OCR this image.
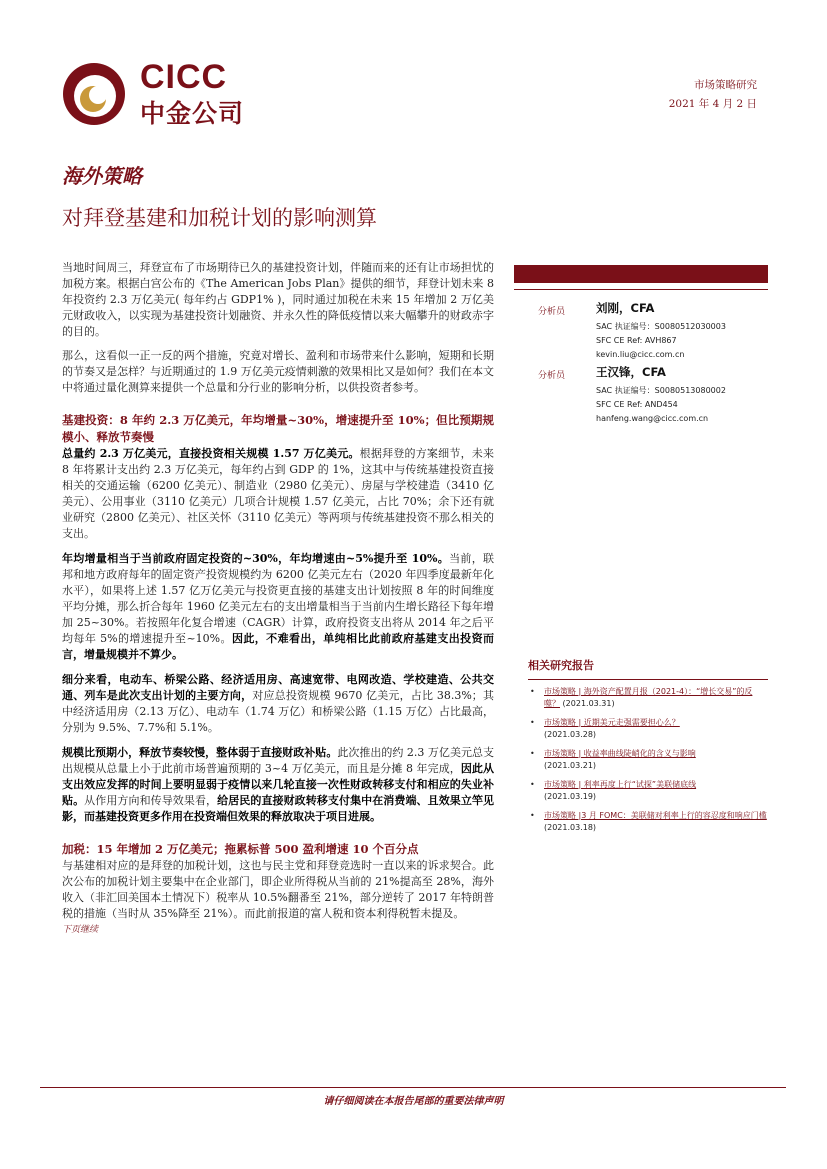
CICC
中金公司
市场策略研究
2021 年 4 月 2 日
海外策略
对拜登基建和加税计划的影响测算

当地时间周三，拜登宣布了市场期待已久的基建投资计划，伴随而来的还有让市场担忧的加税方案。根据白宫公布的《The American Jobs Plan》提供的细节，拜登计划未来 8 年投资约 2.3 万亿美元( 每年约占 GDP1% )，同时通过加税在未来 15 年增加 2 万亿美元财政收入，以实现为基建投资计划融资、并永久性的降低疫情以来大幅攀升的财政赤字的目的。

那么，这看似一正一反的两个措施，究竟对增长、盈利和市场带来什么影响，短期和长期的节奏又是怎样？与近期通过的 1.9 万亿美元疫情刺激的效果相比又是如何？我们在本文中将通过量化测算来提供一个总量和分行业的影响分析，以供投资者参考。

基建投资：8 年约 2.3 万亿美元，年均增量~30%，增速提升至 10%；但比预期规模小、释放节奏慢

总量约 2.3 万亿美元，直接投资相关规模 1.57 万亿美元。根据拜登的方案细节，未来 8 年将累计支出约 2.3 万亿美元，每年约占到 GDP 的 1%，这其中与传统基建投资直接相关的交通运输（6200 亿美元）、制造业（2980 亿美元）、房屋与学校建造（3410 亿美元）、公用事业（3110 亿美元）几项合计规模 1.57 亿美元，占比 70%；余下还有就业研究（2800 亿美元）、社区关怀（3110 亿美元）等两项与传统基建投资不那么相关的支出。

年均增量相当于当前政府固定投资的~30%，年均增速由~5%提升至 10%。当前，联邦和地方政府每年的固定资产投资规模约为 6200 亿美元左右（2020 年四季度最新年化水平），如果将上述 1.57 亿万亿美元与投资更直接的基建支出计划按照 8 年的时间维度平均分摊，那么折合每年 1960 亿美元左右的支出增量相当于当前内生增长路径下每年增加 25~30%。若按照年化复合增速（CAGR）计算，政府投资支出将从 2014 年之后平均每年 5%的增速提升至~10%。因此，不难看出，单纯相比此前政府基建支出投资而言，增量规模并不算少。

细分来看，电动车、桥梁公路、经济适用房、高速宽带、电网改造、学校建造、公共交通、列车是此次支出计划的主要方向，对应总投资规模 9670 亿美元，占比 38.3%；其中经济适用房（2.13 万亿）、电动车（1.74 万亿）和桥梁公路（1.15 万亿）占比最高，分别为 9.5%、7.7%和 5.1%。

规模比预期小，释放节奏较慢，整体弱于直接财政补贴。此次推出的约 2.3 万亿美元总支出规模从总量上小于此前市场普遍预期的 3~4 万亿美元，而且是分摊 8 年完成，因此从支出效应发挥的时间上要明显弱于疫情以来几轮直接一次性财政转移支付和相应的失业补贴。从作用方向和传导效果看，给居民的直接财政转移支付集中在消费端、且效果立竿见影，而基建投资更多作用在投资端但效果的释放取决于项目进展。

加税：15 年增加 2 万亿美元；拖累标普 500 盈利增速 10 个百分点

与基建相对应的是拜登的加税计划，这也与民主党和拜登竞选时一直以来的诉求契合。此次公布的加税计划主要集中在企业部门，即企业所得税从当前的 21%提高至 28%，海外收入（非汇回美国本土情况下）税率从 10.5%翻番至 21%，部分逆转了 2017 年特朗普税的措施（当时从 35%降至 21%）。而此前报道的富人税和资本利得税暂未提及。

下页继续

分析员	刘刚，CFA
SAC 执证编号：S0080512030003
SFC CE Ref: AVH867
kevin.liu@cicc.com.cn
分析员	王汉锋，CFA
SAC 执证编号：S0080513080002
SFC CE Ref: AND454
hanfeng.wang@cicc.com.cn
相关研究报告
• 市场策略 | 海外资产配置月报（2021-4）：“增长交易”的反噬？ (2021.03.31)
• 市场策略 | 近期美元走强需要担心么？
(2021.03.28)
• 市场策略 | 收益率曲线陡峭化的含义与影响
(2021.03.21)
• 市场策略 | 利率再度上行“试探”美联储底线
(2021.03.19)
• 市场策略 |3 月 FOMC：美联储对利率上行的容忍度和响应门槛 (2021.03.18)
请仔细阅读在本报告尾部的重要法律声明
